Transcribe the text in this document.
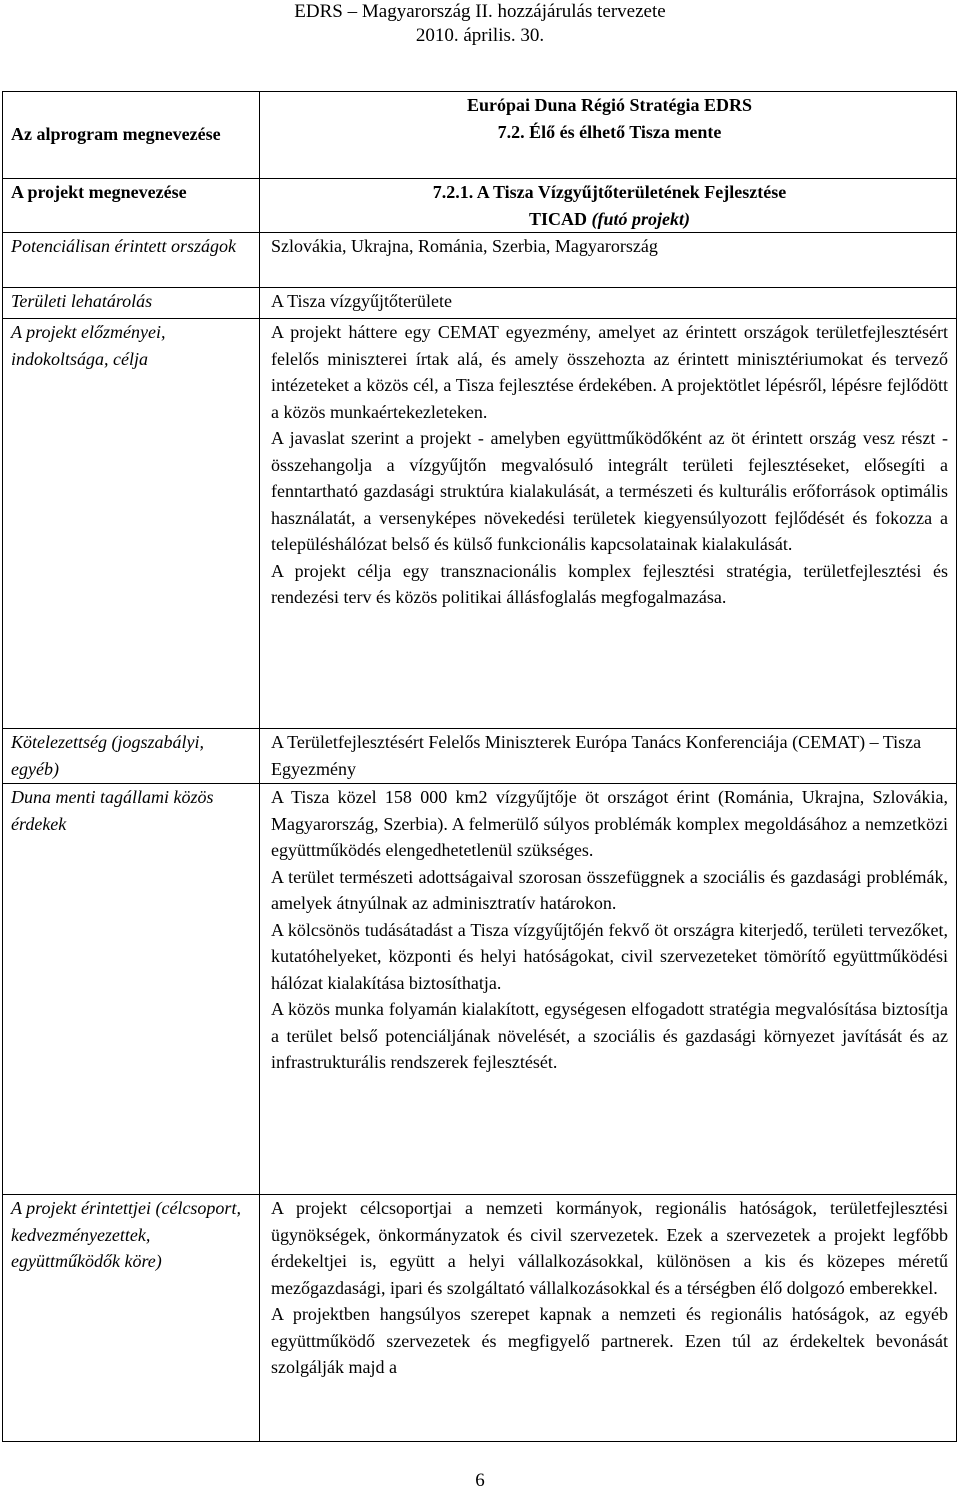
EDRS – Magyarország II. hozzájárulás tervezete
2010. április. 30.
Az alprogram megnevezése	Európai Duna Régió Stratégia EDRS
7.2. Élő és élhető Tisza mente

A projekt megnevezése	7.2.1. A Tisza Vízgyűjtőterületének Fejlesztése
TICAD (futó projekt)

Potenciálisan érintett országok	Szlovákia, Ukrajna, Románia, Szerbia, Magyarország
Területi lehatárolás	A Tisza vízgyűjtőterülete
A projekt előzményei, indokoltsága, célja	A projekt háttere egy CEMAT egyezmény, amelyet az érintett országok területfejlesztésért felelős miniszterei írtak alá, és amely összehozta az érintett minisztériumokat és tervező intézeteket a közös cél, a Tisza fejlesztése érdekében. A projektötlet lépésről, lépésre fejlődött a közös munkaértekezleteken.

A javaslat szerint a projekt - amelyben együttműködőként az öt érintett ország vesz részt - összehangolja a vízgyűjtőn megvalósuló integrált területi fejlesztéseket, elősegíti a fenntartható gazdasági struktúra kialakulását, a természeti és kulturális erőforrások optimális használatát, a versenyképes növekedési területek kiegyensúlyozott fejlődését és fokozza a településhálózat belső és külső funkcionális kapcsolatainak kialakulását.

A projekt célja egy transznacionális komplex fejlesztési stratégia, területfejlesztési és rendezési terv és közös politikai állásfoglalás megfogalmazása.

Kötelezettség (jogszabályi, egyéb)	A Területfejlesztésért Felelős Miniszterek Európa Tanács Konferenciája (CEMAT) – Tisza Egyezmény
Duna menti tagállami közös érdekek	A Tisza közel 158 000 km2 vízgyűjtője öt országot érint (Románia, Ukrajna, Szlovákia, Magyarország, Szerbia). A felmerülő súlyos problémák komplex megoldásához a nemzetközi együttműködés elengedhetetlenül szükséges.

A terület természeti adottságaival szorosan összefüggnek a szociális és gazdasági problémák, amelyek átnyúlnak az adminisztratív határokon.

A kölcsönös tudásátadást a Tisza vízgyűjtőjén fekvő öt országra kiterjedő, területi tervezőket, kutatóhelyeket, központi és helyi hatóságokat, civil szervezeteket tömörítő együttműködési hálózat kialakítása biztosíthatja.

A közös munka folyamán kialakított, egységesen elfogadott stratégia megvalósítása biztosítja a terület belső potenciáljának növelését, a szociális és gazdasági környezet javítását és az infrastrukturális rendszerek fejlesztését.

A projekt érintettjei (célcsoport, kedvezményezettek, együttműködők köre)	A projekt célcsoportjai a nemzeti kormányok, regionális hatóságok, területfejlesztési ügynökségek, önkormányzatok és civil szervezetek. Ezek a szervezetek a projekt legfőbb érdekeltjei is, együtt a helyi vállalkozásokkal, különösen a kis és közepes méretű mezőgazdasági, ipari és szolgáltató vállalkozásokkal és a térségben élő dolgozó emberekkel.

A projektben hangsúlyos szerepet kapnak a nemzeti és regionális hatóságok, az egyéb együttműködő szervezetek és megfigyelő partnerek. Ezen túl az érdekeltek bevonását szolgálják majd a

6
